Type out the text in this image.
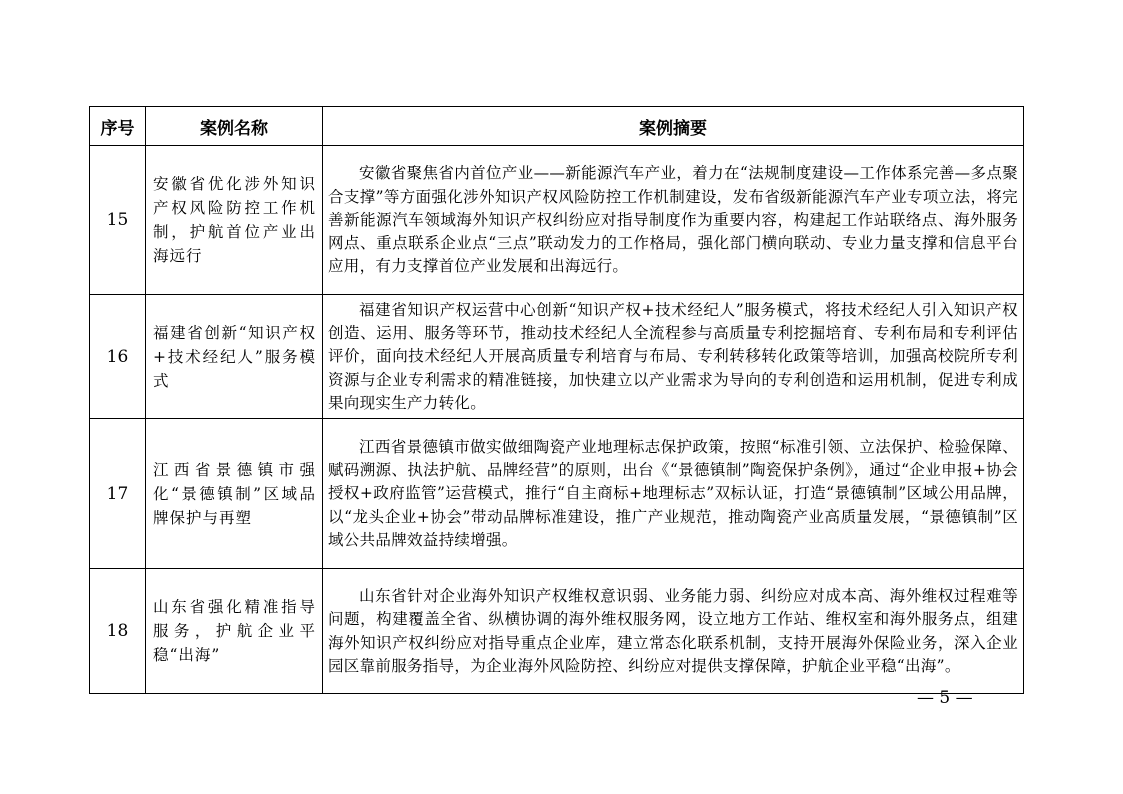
序号	案例名称	案例摘要
15	安徽省优化涉外知识产权风险防控工作机制，护航首位产业出海远行	安徽省聚焦省内首位产业——新能源汽车产业，着力在“法规制度建设—工作体系完善—多点聚合支撑”等方面强化涉外知识产权风险防控工作机制建设，发布省级新能源汽车产业专项立法，将完善新能源汽车领域海外知识产权纠纷应对指导制度作为重要内容，构建起工作站联络点、海外服务网点、重点联系企业点“三点”联动发力的工作格局，强化部门横向联动、专业力量支撑和信息平台应用，有力支撑首位产业发展和出海远行。
16	福建省创新“知识产权+技术经纪人”服务模式	福建省知识产权运营中心创新“知识产权+技术经纪人”服务模式，将技术经纪人引入知识产权创造、运用、服务等环节，推动技术经纪人全流程参与高质量专利挖掘培育、专利布局和专利评估评价，面向技术经纪人开展高质量专利培育与布局、专利转移转化政策等培训，加强高校院所专利资源与企业专利需求的精准链接，加快建立以产业需求为导向的专利创造和运用机制，促进专利成果向现实生产力转化。
17	江西省景德镇市强化“景德镇制”区域品牌保护与再塑	江西省景德镇市做实做细陶瓷产业地理标志保护政策，按照“标准引领、立法保护、检验保障、赋码溯源、执法护航、品牌经营”的原则，出台《“景德镇制”陶瓷保护条例》，通过“企业申报+协会授权+政府监管”运营模式，推行“自主商标+地理标志”双标认证，打造“景德镇制”区域公用品牌，以“龙头企业+协会”带动品牌标准建设，推广产业规范，推动陶瓷产业高质量发展，“景德镇制”区域公共品牌效益持续增强。
18	山东省强化精准指导服务，护航企业平稳“出海”	山东省针对企业海外知识产权维权意识弱、业务能力弱、纠纷应对成本高、海外维权过程难等问题，构建覆盖全省、纵横协调的海外维权服务网，设立地方工作站、维权室和海外服务点，组建海外知识产权纠纷应对指导重点企业库，建立常态化联系机制，支持开展海外保险业务，深入企业园区靠前服务指导，为企业海外风险防控、纠纷应对提供支撑保障，护航企业平稳“出海”。
— 5 —
